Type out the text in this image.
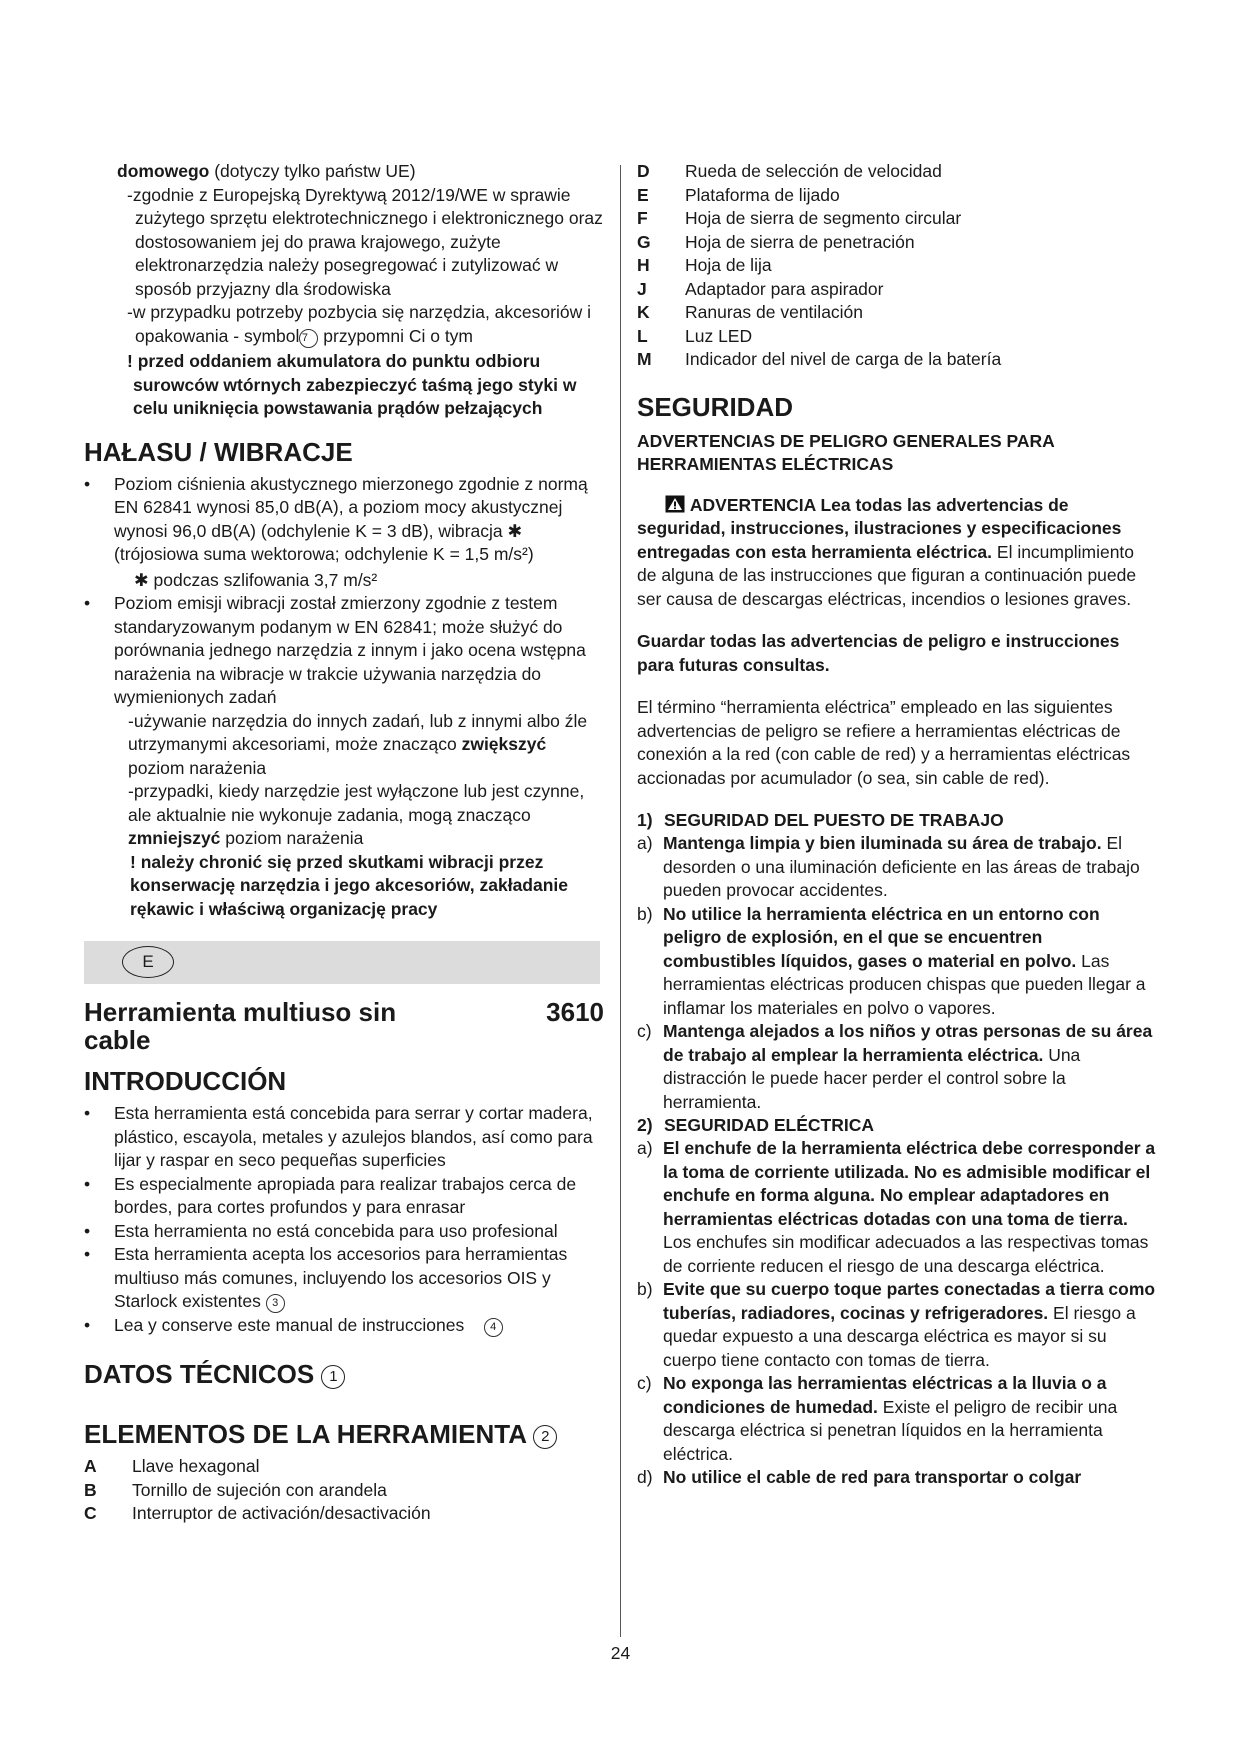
domowego (dotyczy tylko państw UE)

-zgodnie z Europejską Dyrektywą 2012/19/WE w sprawie zużytego sprzętu elektrotechnicznego i elektronicznego oraz dostosowaniem jej do prawa krajowego, zużyte elektronarzędzia należy posegregować i zutylizować w sposób przyjazny dla środowiska

-w przypadku potrzeby pozbycia się narzędzia, akcesoriów i opakowania - symbol 7 przypomni Ci o tym

! przed oddaniem akumulatora do punktu odbioru surowców wtórnych zabezpieczyć taśmą jego styki w celu uniknięcia powstawania prądów pełzających

HAŁASU / WIBRACJE
• Poziom ciśnienia akustycznego mierzonego zgodnie z normą EN 62841 wynosi 85,0 dB(A), a poziom mocy akustycznej wynosi 96,0 dB(A) (odchylenie K = 3 dB), wibracja ✱ (trójosiowa suma wektorowa; odchylenie K = 1,5 m/s²)
✱ podczas szlifowania 3,7 m/s²
• Poziom emisji wibracji został zmierzony zgodnie z testem standaryzowanym podanym w EN 62841; może służyć do porównania jednego narzędzia z innym i jako ocena wstępna narażenia na wibracje w trakcie używania narzędzia do wymienionych zadań
-używanie narzędzia do innych zadań, lub z innymi albo źle utrzymanymi akcesoriami, może znacząco zwiększyć poziom narażenia
-przypadki, kiedy narzędzie jest wyłączone lub jest czynne, ale aktualnie nie wykonuje zadania, mogą znacząco zmniejszyć poziom narażenia
! należy chronić się przed skutkami wibracji przez konserwację narzędzia i jego akcesoriów, zakładanie rękawic i właściwą organizację pracy
E
Herramienta multiuso sin	3610
cable
INTRODUCCIÓN
• Esta herramienta está concebida para serrar y cortar madera, plástico, escayola, metales y azulejos blandos, así como para lijar y raspar en seco pequeñas superficies
• Es especialmente apropiada para realizar trabajos cerca de bordes, para cortes profundos y para enrasar
• Esta herramienta no está concebida para uso profesional
• Esta herramienta acepta los accesorios para herramientas multiuso más comunes, incluyendo los accesorios OIS y Starlock existentes 3
• Lea y conserve este manual de instrucciones 4
DATOS TÉCNICOS 1
ELEMENTOS DE LA HERRAMIENTA 2
A	Llave hexagonal
B	Tornillo de sujeción con arandela
C	Interruptor de activación/desactivación
D	Rueda de selección de velocidad
E	Plataforma de lijado
F	Hoja de sierra de segmento circular
G	Hoja de sierra de penetración
H	Hoja de lija
J	Adaptador para aspirador
K	Ranuras de ventilación
L	Luz LED
M	Indicador del nivel de carga de la batería
SEGURIDAD
ADVERTENCIAS DE PELIGRO GENERALES PARA HERRAMIENTAS ELÉCTRICAS

ADVERTENCIA Lea todas las advertencias de seguridad, instrucciones, ilustraciones y especificaciones entregadas con esta herramienta eléctrica. El incumplimiento de alguna de las instrucciones que figuran a continuación puede ser causa de descargas eléctricas, incendios o lesiones graves.

Guardar todas las advertencias de peligro e instrucciones para futuras consultas.

El término “herramienta eléctrica” empleado en las siguientes advertencias de peligro se refiere a herramientas eléctricas de conexión a la red (con cable de red) y a herramientas eléctricas accionadas por acumulador (o sea, sin cable de red).

1) SEGURIDAD DEL PUESTO DE TRABAJO
a) Mantenga limpia y bien iluminada su área de trabajo. El desorden o una iluminación deficiente en las áreas de trabajo pueden provocar accidentes.
b) No utilice la herramienta eléctrica en un entorno con peligro de explosión, en el que se encuentren combustibles líquidos, gases o material en polvo. Las herramientas eléctricas producen chispas que pueden llegar a inflamar los materiales en polvo o vapores.
c) Mantenga alejados a los niños y otras personas de su área de trabajo al emplear la herramienta eléctrica. Una distracción le puede hacer perder el control sobre la herramienta.
2) SEGURIDAD ELÉCTRICA
a) El enchufe de la herramienta eléctrica debe corresponder a la toma de corriente utilizada. No es admisible modificar el enchufe en forma alguna. No emplear adaptadores en herramientas eléctricas dotadas con una toma de tierra. Los enchufes sin modificar adecuados a las respectivas tomas de corriente reducen el riesgo de una descarga eléctrica.
b) Evite que su cuerpo toque partes conectadas a tierra como tuberías, radiadores, cocinas y refrigeradores. El riesgo a quedar expuesto a una descarga eléctrica es mayor si su cuerpo tiene contacto con tomas de tierra.
c) No exponga las herramientas eléctricas a la lluvia o a condiciones de humedad. Existe el peligro de recibir una descarga eléctrica si penetran líquidos en la herramienta eléctrica.
d) No utilice el cable de red para transportar o colgar
24
